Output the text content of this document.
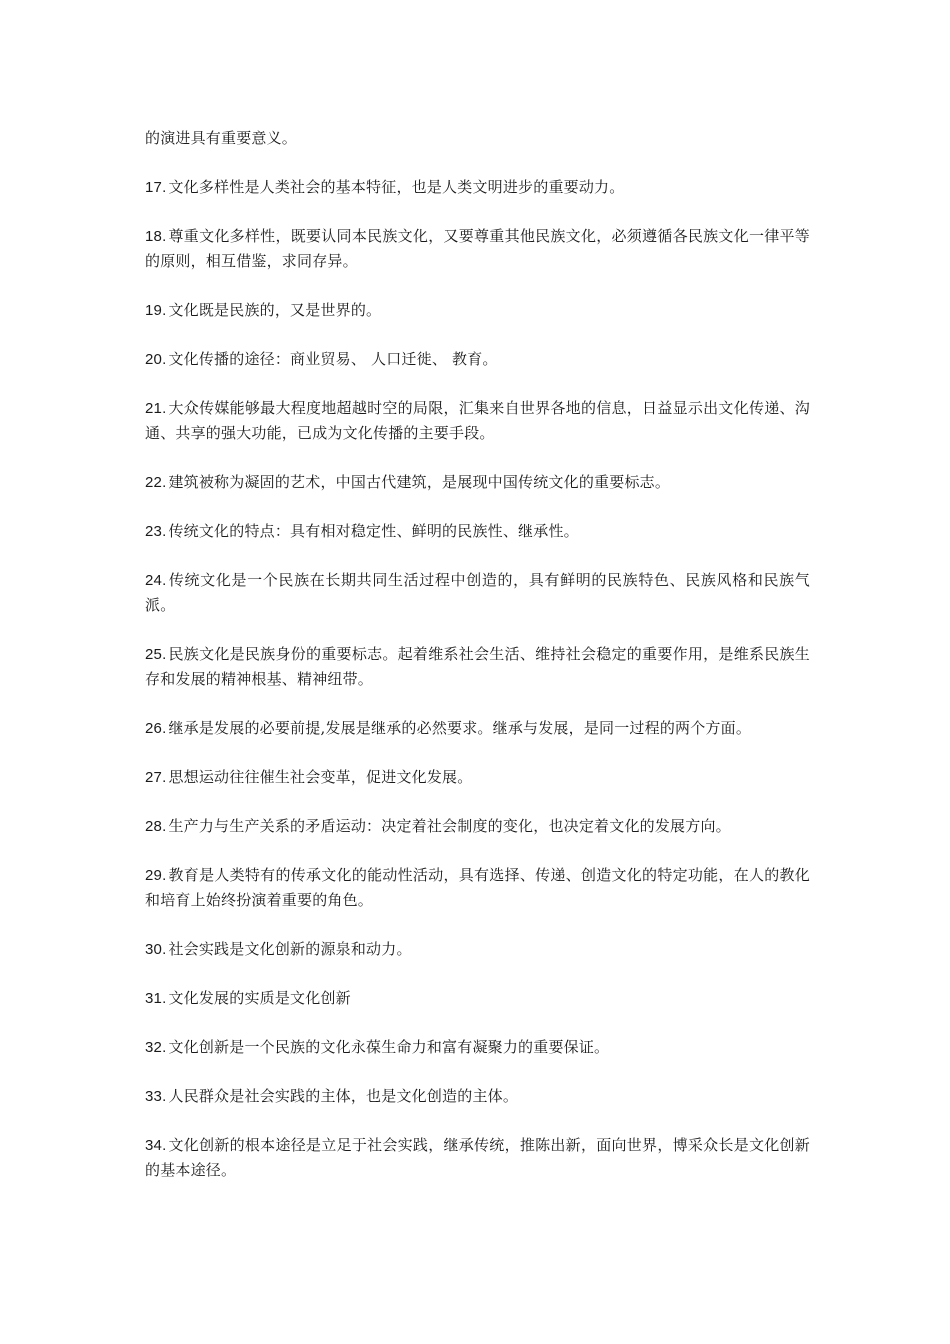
的演进具有重要意义。

17. 文化多样性是人类社会的基本特征，也是人类文明进步的重要动力。

18. 尊重文化多样性，既要认同本民族文化，又要尊重其他民族文化，必须遵循各民族文化一律平等的原则，相互借鉴，求同存异。

19. 文化既是民族的，又是世界的。

20. 文化传播的途径：商业贸易、 人口迁徙、 教育。

21. 大众传媒能够最大程度地超越时空的局限，汇集来自世界各地的信息，日益显示出文化传递、沟通、共享的强大功能，已成为文化传播的主要手段。

22. 建筑被称为凝固的艺术，中国古代建筑，是展现中国传统文化的重要标志。

23. 传统文化的特点：具有相对稳定性、鲜明的民族性、继承性。

24. 传统文化是一个民族在长期共同生活过程中创造的，具有鲜明的民族特色、民族风格和民族气派。

25. 民族文化是民族身份的重要标志。起着维系社会生活、维持社会稳定的重要作用，是维系民族生存和发展的精神根基、精神纽带。

26. 继承是发展的必要前提,发展是继承的必然要求。继承与发展，是同一过程的两个方面。

27. 思想运动往往催生社会变革，促进文化发展。

28. 生产力与生产关系的矛盾运动：决定着社会制度的变化，也决定着文化的发展方向。

29. 教育是人类特有的传承文化的能动性活动，具有选择、传递、创造文化的特定功能，在人的教化和培育上始终扮演着重要的角色。

30. 社会实践是文化创新的源泉和动力。

31. 文化发展的实质是文化创新

32. 文化创新是一个民族的文化永葆生命力和富有凝聚力的重要保证。

33. 人民群众是社会实践的主体，也是文化创造的主体。

34. 文化创新的根本途径是立足于社会实践，继承传统，推陈出新，面向世界，博采众长是文化创新的基本途径。
